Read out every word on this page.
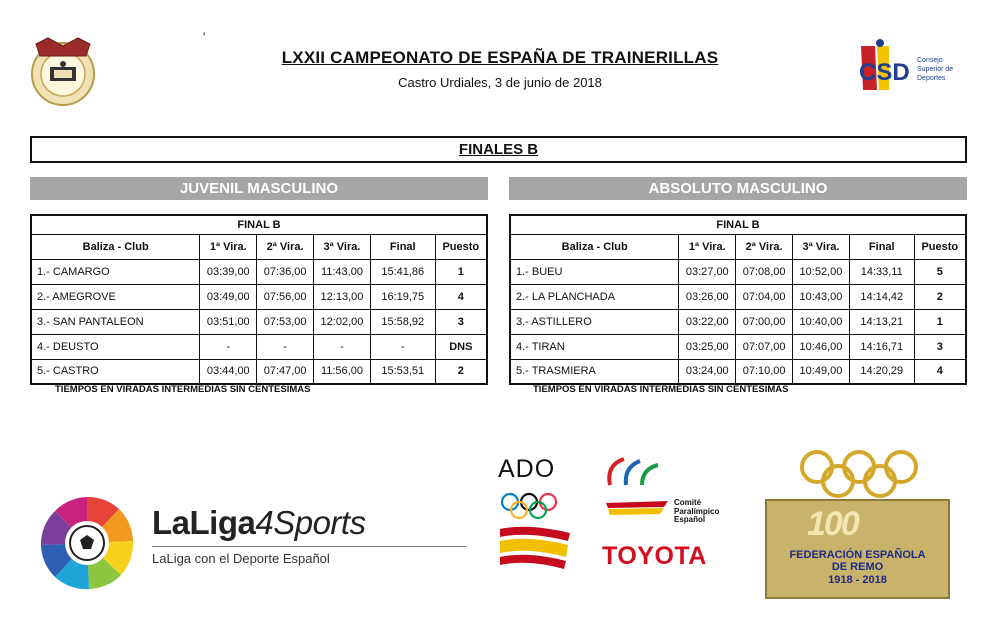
'
LXXII CAMPEONATO DE ESPAÑA DE TRAINERILLAS
Castro Urdiales, 3 de junio de 2018	CSD Consejo
Superior de
Deportes
FINALES B
JUVENIL MASCULINO	ABSOLUTO MASCULINO
FINAL B					
Baliza - Club	1ª Vira.	2ª Vira.	3ª Vira.	Final	Puesto
1.- CAMARGO	03:39,00	07:36,00	11:43,00	15:41,86	1
2.- AMEGROVE	03:49,00	07:56,00	12:13,00	16:19,75	4
3.- SAN PANTALEON	03:51,00	07:53,00	12:02,00	15:58,92	3
4.- DEUSTO	-	-	-	-	DNS
5.- CASTRO	03:44,00	07:47,00	11:56,00	15:53,51	2
FINAL B					
Baliza - Club	1ª Vira.	2ª Vira.	3ª Vira.	Final	Puesto
1.- BUEU	03:27,00	07:08,00	10:52,00	14:33,11	5
2.- LA PLANCHADA	03:26,00	07:04,00	10:43,00	14:14,42	2
3.- ASTILLERO	03:22,00	07:00,00	10:40,00	14:13,21	1
4.- TIRAN	03:25,00	07:07,00	10:46,00	14:16,71	3
5.- TRASMIERA	03:24,00	07:10,00	10:49,00	14:20,29	4
TIEMPOS EN VIRADAS INTERMEDIAS SIN CENTÉSIMAS	TIEMPOS EN VIRADAS INTERMEDIAS SIN CENTÉSIMAS
LaLiga4Sports
LaLiga con el Deporte Español
ADO
Comité
Paralímpico
Español
TOYOTA
100
FEDERACIÓN ESPAÑOLA
DE REMO
1918 - 2018
